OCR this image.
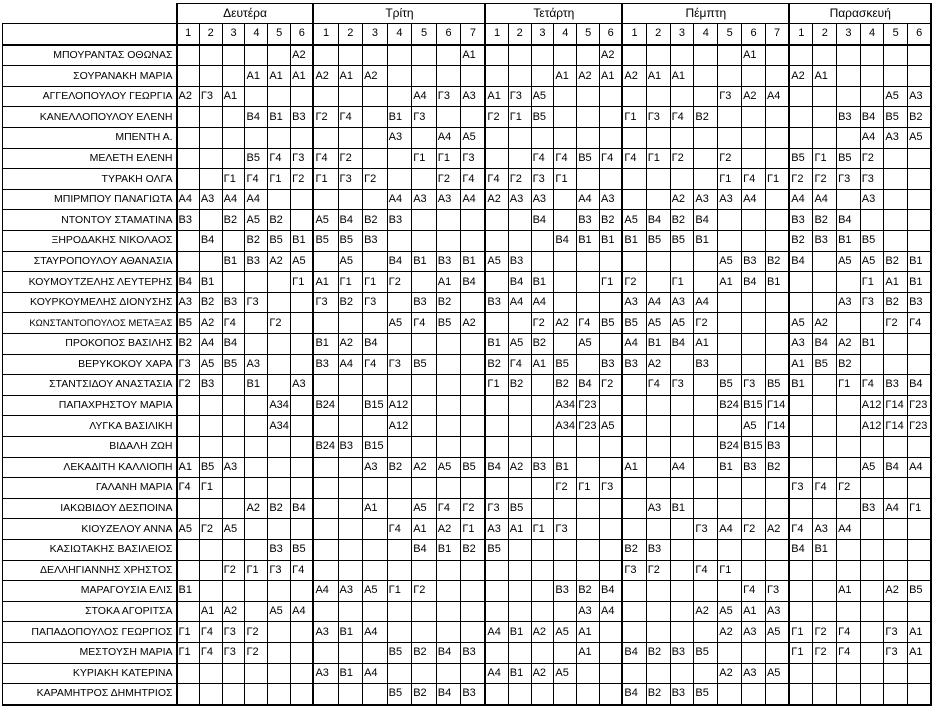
	Δευτέρα						Τρίτη							Τετάρτη						Πέμπτη							Παρασκευή					
	1	2	3	4	5	6	1	2	3	4	5	6	7	1	2	3	4	5	6	1	2	3	4	5	6	7	1	2	3	4	5	6
ΜΠΟΥΡΑΝΤΑΣ ΟΘΩΝΑΣ						Α2							Α1						Α2						Α1							
ΣΟΥΡΑΝΑΚΗ ΜΑΡΙΑ				Α1	Α1	Α1	Α2	Α1	Α2								Α1	Α2	Α1	Α2	Α1	Α1					Α2	Α1				
ΑΓΓΕΛΟΠΟΥΛΟΥ ΓΕΩΡΓΙΑ	Α2	Γ3	Α1								Α4	Γ3	Α3	Α1	Γ3	Α5								Γ3	Α2	Α4					Α5	Α3
ΚΑΝΕΛΛΟΠΟΥΛΟΥ ΕΛΕΝΗ				Β4	Β1	Β3	Γ2	Γ4		Β1	Γ3			Γ2	Γ1	Β5				Γ1	Γ3	Γ4	Β2						Β3	Β4	Β5	Β2
ΜΠΕΝΤΗ Α.										Α3		Α4	Α5																	Α4	Α3	Α5
ΜΕΛΕΤΗ ΕΛΕΝΗ				Β5	Γ4	Γ3	Γ4	Γ2			Γ1	Γ1	Γ3			Γ4	Γ4	Β5	Γ4	Γ4	Γ1	Γ2		Γ2			Β5	Γ1	Β5	Γ2		
ΤΥΡΑΚΗ ΟΛΓΑ			Γ1	Γ4	Γ1	Γ2	Γ1	Γ3	Γ2			Γ2	Γ4	Γ4	Γ2	Γ3	Γ1							Γ1	Γ4	Γ1	Γ2	Γ2	Γ3	Γ3		
ΜΠΙΡΜΠΟΥ ΠΑΝΑΓΙΩΤΑ	Α4	Α3	Α4	Α4						Α4	Α3	Α3	Α4	Α2	Α3	Α3		Α4	Α3			Α2	Α3	Α3	Α4		Α4	Α4		Α3		
ΝΤΟΝΤΟΥ ΣΤΑΜΑΤΙΝΑ	Β3		Β2	Α5	Β2		Α5	Β4	Β2	Β3						Β4		Β3	Β2	Α5	Β4	Β2	Β4				Β3	Β2	Β4			
ΞΗΡΟΔΑΚΗΣ ΝΙΚΟΛΑΟΣ		Β4		Β2	Β5	Β1	Β5	Β5	Β3								Β4	Β1	Β1	Β1	Β5	Β5	Β1				Β2	Β3	Β1	Β5		
ΣΤΑΥΡΟΠΟΥΛΟΥ ΑΘΑΝΑΣΙΑ			Β1	Β3	Α2	Α5		Α5		Β4	Β1	Β3	Β1	Α5	Β3									Α5	Β3	Β2	Β4		Α5	Α5	Β2	Β1
ΚΟΥΜΟΥΤΖΕΛΗΣ ΛΕΥΤΕΡΗΣ	Β4	Β1				Γ1	Α1	Γ1	Γ1	Γ2		Α1	Β4		Β4	Β1			Γ1	Γ2		Γ1		Α1	Β4	Β1				Γ1	Α1	Β1
ΚΟΥΡΚΟΥΜΕΛΗΣ ΔΙΟΝΥΣΗΣ	Α3	Β2	Β3	Γ3			Γ3	Β2	Γ3		Β3	Β2		Β3	Α4	Α4				Α3	Α4	Α3	Α4						Α3	Γ3	Β2	Β3
ΚΩΝΣΤΑΝΤΟΠΟΥΛΟΣ ΜΕΤΑΞΑΣ	Β5	Α2	Γ4		Γ2					Α5	Γ4	Β5	Α2			Γ2	Α2	Γ4	Β5	Β5	Α5	Α5	Γ2				Α5	Α2			Γ2	Γ4
ΠΡΟΚΟΠΟΣ ΒΑΣΙΛΗΣ	Β2	Α4	Β4				Β1	Α2	Β4					Β1	Α5	Β2		Α5		Α4	Β1	Β4	Α1				Α3	Β4	Α2	Β1		
ΒΕΡΥΚΟΚΟΥ ΧΑΡΑ	Γ3	Α5	Β5	Α3			Β3	Α4	Γ4	Γ3	Β5			Β2	Γ4	Α1	Β5		Β3	Β3	Α2		Β3				Α1	Β5	Β2			
ΣΤΑΝΤΣΙΔΟΥ ΑΝΑΣΤΑΣΙΑ	Γ2	Β3		Β1		Α3								Γ1	Β2		Β2	Β4	Γ2		Γ4	Γ3		Β5	Γ3	Β5	Β1		Γ1	Γ4	Β3	Β4
ΠΑΠΑΧΡΗΣΤΟΥ ΜΑΡΙΑ					Α34		Β24		Β15	Α12							Α34	Γ23						Β24	Β15	Γ14				Α12	Γ14	Γ23
ΛΥΓΚΑ ΒΑΣΙΛΙΚΗ					Α34					Α12							Α34	Γ23	Α5						Α5	Γ14				Α12	Γ14	Γ23
ΒΙΔΑΛΗ ΖΩΗ							Β24	Β3	Β15															Β24	Β15	Β3						
ΛΕΚΑΔΙΤΗ ΚΑΛΛΙΟΠΗ	Α1	Β5	Α3						Α3	Β2	Α2	Α5	Β5	Β4	Α2	Β3	Β1			Α1		Α4		Β1	Β3	Β2				Α5	Β4	Α4
ΓΑΛΑΝΗ ΜΑΡΙΑ	Γ4	Γ1															Γ2	Γ1	Γ3								Γ3	Γ4	Γ2			
ΙΑΚΩΒΙΔΟΥ ΔΕΣΠΟΙΝΑ				Α2	Β2	Β4			Α1		Α5	Γ4	Γ2	Γ3	Β5						Α3	Β1								Β3	Α4	Γ1
ΚΙΟΥΖΕΛΟΥ ΑΝΝΑ	Α5	Γ2	Α5							Γ4	Α1	Α2	Γ1	Α3	Α1	Γ1	Γ3						Γ3	Α4	Γ2	Α2	Γ4	Α3	Α4			
ΚΑΣΙΩΤΑΚΗΣ ΒΑΣΙΛΕΙΟΣ					Β3	Β5					Β4	Β1	Β2	Β5						Β2	Β3						Β4	Β1				
ΔΕΛΛΗΓΙΑΝΝΗΣ ΧΡΗΣΤΟΣ			Γ2	Γ1	Γ3	Γ4														Γ3	Γ2		Γ4	Γ1								
ΜΑΡΑΓΟΥΣΙΑ ΕΛΙΣ	Β1						Α4	Α3	Α5	Γ1	Γ2						Β3	Β2	Β4						Γ4	Γ3			Α1		Α2	Β5
ΣΤΟΚΑ ΑΓΟΡΙΤΣΑ		Α1	Α2		Α5	Α4												Α3	Α4				Α2	Α5	Α1	Α3						
ΠΑΠΑΔΟΠΟΥΛΟΣ ΓΕΩΡΓΙΟΣ	Γ1	Γ4	Γ3	Γ2			Α3	Β1	Α4					Α4	Β1	Α2	Α5	Α1						Α2	Α3	Α5	Γ1	Γ2	Γ4		Γ3	Α1
ΜΕΣΤΟΥΣΗ ΜΑΡΙΑ	Γ1	Γ4	Γ3	Γ2						Β5	Β2	Β4	Β3					Α1		Β4	Β2	Β3	Β5				Γ1	Γ2	Γ4		Γ3	Α1
ΚΥΡΙΑΚΗ ΚΑΤΕΡΙΝΑ							Α3	Β1	Α4					Α4	Β1	Α2	Α5							Α2	Α3	Α5						
ΚΑΡΑΜΗΤΡΟΣ ΔΗΜΗΤΡΙΟΣ										Β5	Β2	Β4	Β3							Β4	Β2	Β3	Β5									
